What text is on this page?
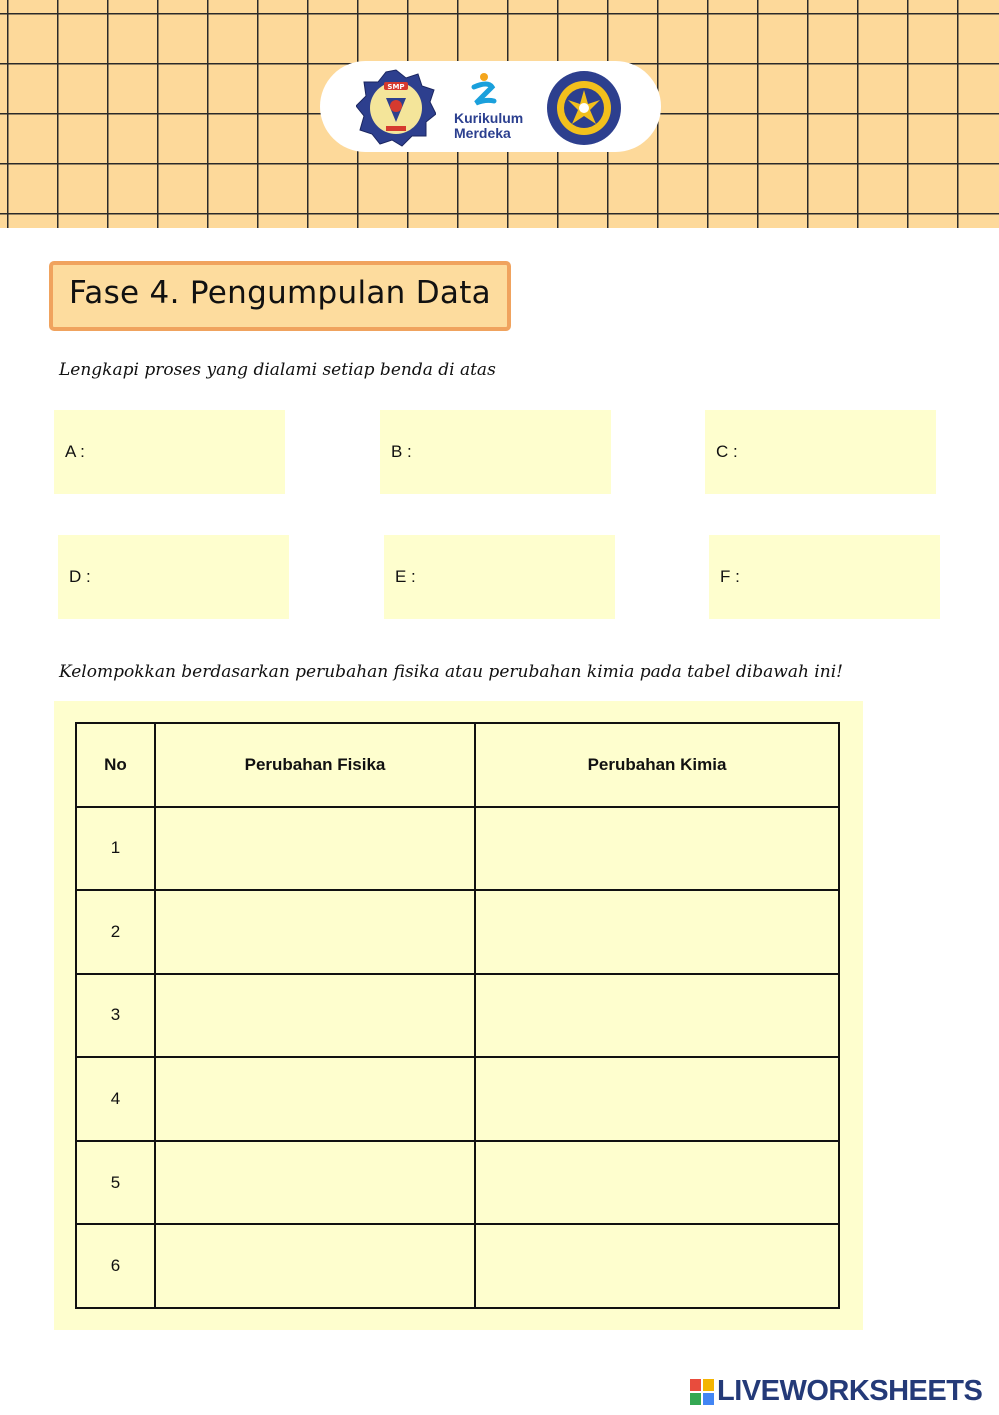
SMP
Kurikulum
Merdeka
Fase 4. Pengumpulan Data
Lengkapi proses yang dialami setiap benda di atas
A :	B :	C :
D :	E :	F :
Kelompokkan berdasarkan perubahan fisika atau perubahan kimia pada tabel dibawah ini!
No	Perubahan Fisika	Perubahan Kimia
1		
2		
3		
4		
5		
6		
LIVEWORKSHEETS
